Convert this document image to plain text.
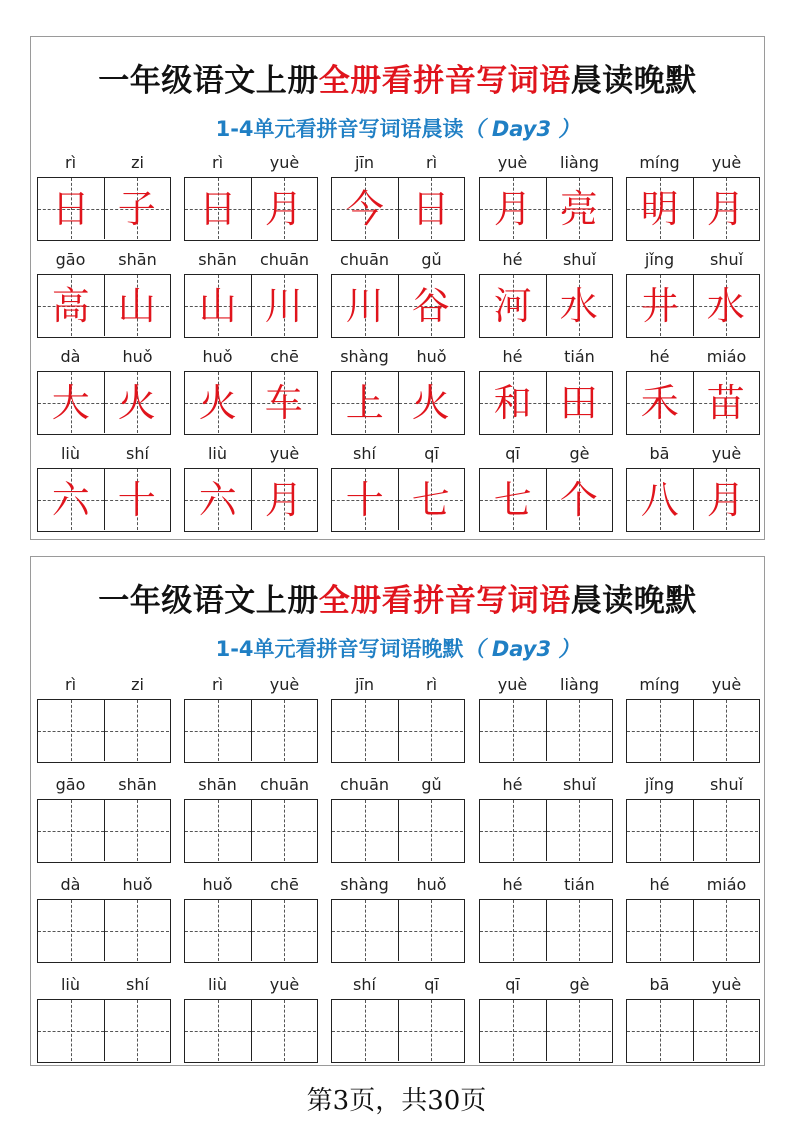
一年级语文上册全册看拼音写词语晨读晚默
1-4单元看拼音写词语晨读（ Day3 ）
rì	zi
日 子
rì	yuè
日 月
jīn	rì
今 日
yuè	liàng
月 亮
míng	yuè
明 月
gāo	shān
高 山
shān	chuān
山 川
chuān	gǔ
川 谷
hé	shuǐ
河 水
jǐng	shuǐ
井 水
dà	huǒ
大 火
huǒ	chē
火 车
shàng	huǒ
上 火
hé	tián
和 田
hé	miáo
禾 苗
liù	shí
六 十
liù	yuè
六 月
shí	qī
十 七
qī	gè
七 个
bā	yuè
八 月
一年级语文上册全册看拼音写词语晨读晚默
1-4单元看拼音写词语晚默（ Day3 ）
rì	zi	rì	yuè	jīn	rì	yuè	liàng	míng	yuè
gāo	shān	shān	chuān	chuān	gǔ	hé	shuǐ	jǐng	shuǐ
dà	huǒ	huǒ	chē	shàng	huǒ	hé	tián	hé	miáo
liù	shí	liù	yuè	shí	qī	qī	gè	bā	yuè
第3页，共30页
